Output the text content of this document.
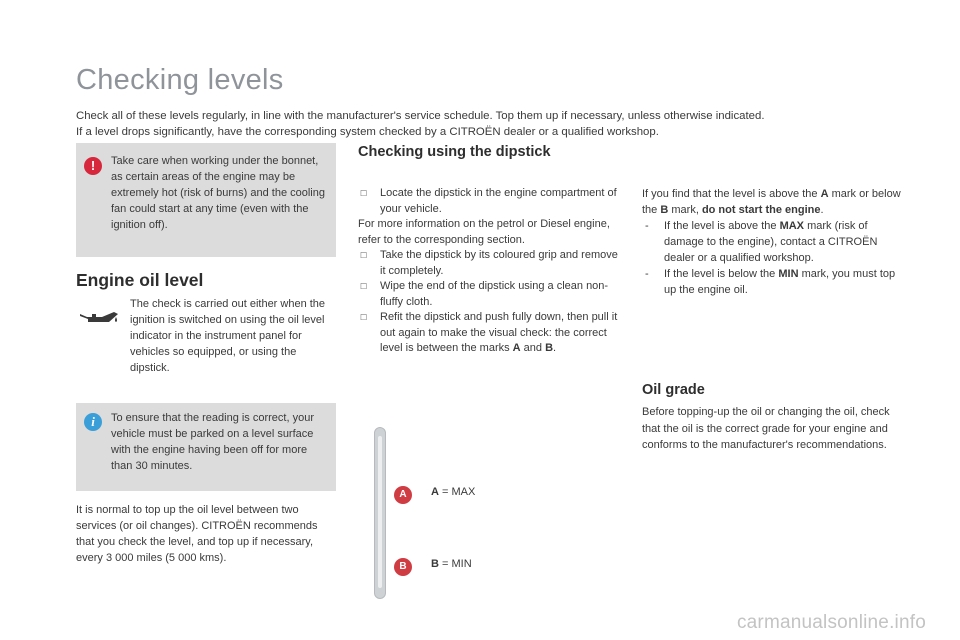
Checking levels
Check all of these levels regularly, in line with the manufacturer's service schedule. Top them up if necessary, unless otherwise indicated.
If a level drops significantly, have the corresponding system checked by a CITROËN dealer or a qualified workshop.
!	Take care when working under the bonnet, as certain areas of the engine may be extremely hot (risk of burns) and the cooling fan could start at any time (even with the ignition off).
Engine oil level
The check is carried out either when the ignition is switched on using the oil level indicator in the instrument panel for vehicles so equipped, or using the dipstick.
i	To ensure that the reading is correct, your vehicle must be parked on a level surface with the engine having been off for more than 30 minutes.
It is normal to top up the oil level between two services (or oil changes). CITROËN recommends that you check the level, and top up if necessary, every 3 000 miles (5 000 kms).
Checking using the dipstick

☐ Locate the dipstick in the engine compartment of your vehicle.

For more information on the petrol or Diesel engine, refer to the corresponding section.

☐ Take the dipstick by its coloured grip and remove it completely.

☐ Wipe the end of the dipstick using a clean non-fluffy cloth.

☐ Refit the dipstick and push fully down, then pull it out again to make the visual check: the correct level is between the marks A and B.

If you find that the level is above the A mark or below the B mark, do not start the engine.

- If the level is above the MAX mark (risk of damage to the engine), contact a CITROËN dealer or a qualified workshop.

- If the level is below the MIN mark, you must top up the engine oil.

Oil grade
Before topping-up the oil or changing the oil, check that the oil is the correct grade for your engine and conforms to the manufacturer's recommendations.
A
B
A = MAX
B = MIN
carmanualsonline.info
